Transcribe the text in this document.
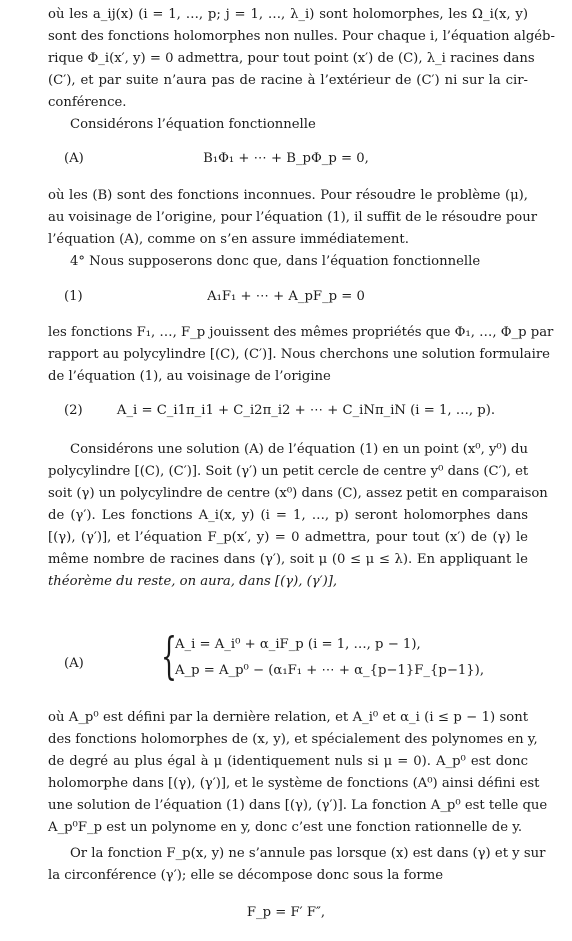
où les a_ij(x) (i = 1, …, p; j = 1, …, λ_i) sont holomorphes, les Ω_i(x, y)
sont des fonctions holomorphes non nulles. Pour chaque i, l’équation algéb-
rique Φ_i(x′, y) = 0 admettra, pour tout point (x′) de (C), λ_i racines dans
(C′), et par suite n’aura pas de racine à l’extérieur de (C′) ni sur la cir-
conférence.
Considérons l’équation fonctionnelle
(A)	B₁Φ₁ + ⋯ + B_pΦ_p = 0,
où les (B) sont des fonctions inconnues. Pour résoudre le problème (μ),
au voisinage de l’origine, pour l’équation (1), il suffit de le résoudre pour
l’équation (A), comme on s’en assure immédiatement.
4° Nous supposerons donc que, dans l’équation fonctionnelle
(1)	A₁F₁ + ⋯ + A_pF_p = 0
les fonctions F₁, …, F_p jouissent des mêmes propriétés que Φ₁, …, Φ_p par
rapport au polycylindre [(C), (C′)]. Nous cherchons une solution formulaire
de l’équation (1), au voisinage de l’origine
(2)	A_i = C_i1π_i1 + C_i2π_i2 + ⋯ + C_iNπ_iN (i = 1, …, p).
Considérons une solution (A) de l’équation (1) en un point (x⁰, y⁰) du
polycylindre [(C), (C′)]. Soit (γ′) un petit cercle de centre y⁰ dans (C′), et
soit (γ) un polycylindre de centre (x⁰) dans (C), assez petit en comparaison
de (γ′). Les fonctions A_i(x, y) (i = 1, …, p) seront holomorphes dans
[(γ), (γ′)], et l’équation F_p(x′, y) = 0 admettra, pour tout (x′) de (γ) le
même nombre de racines dans (γ′), soit μ (0 ≤ μ ≤ λ). En appliquant le
théorème du reste, on aura, dans [(γ), (γ′)],
(A) {
A_i = A_i⁰ + α_iF_p (i = 1, …, p − 1),
A_p = A_p⁰ − (α₁F₁ + ⋯ + α_{p−1}F_{p−1}),
où A_p⁰ est défini par la dernière relation, et A_i⁰ et α_i (i ≤ p − 1) sont
des fonctions holomorphes de (x, y), et spécialement des polynomes en y,
de degré au plus égal à μ (identiquement nuls si μ = 0). A_p⁰ est donc
holomorphe dans [(γ), (γ′)], et le système de fonctions (A⁰) ainsi défini est
une solution de l’équation (1) dans [(γ), (γ′)]. La fonction A_p⁰ est telle que
A_p⁰F_p est un polynome en y, donc c’est une fonction rationnelle de y.
Or la fonction F_p(x, y) ne s’annule pas lorsque (x) est dans (γ) et y sur
la circonférence (γ′); elle se décompose donc sous la forme
F_p = F′ F″,
